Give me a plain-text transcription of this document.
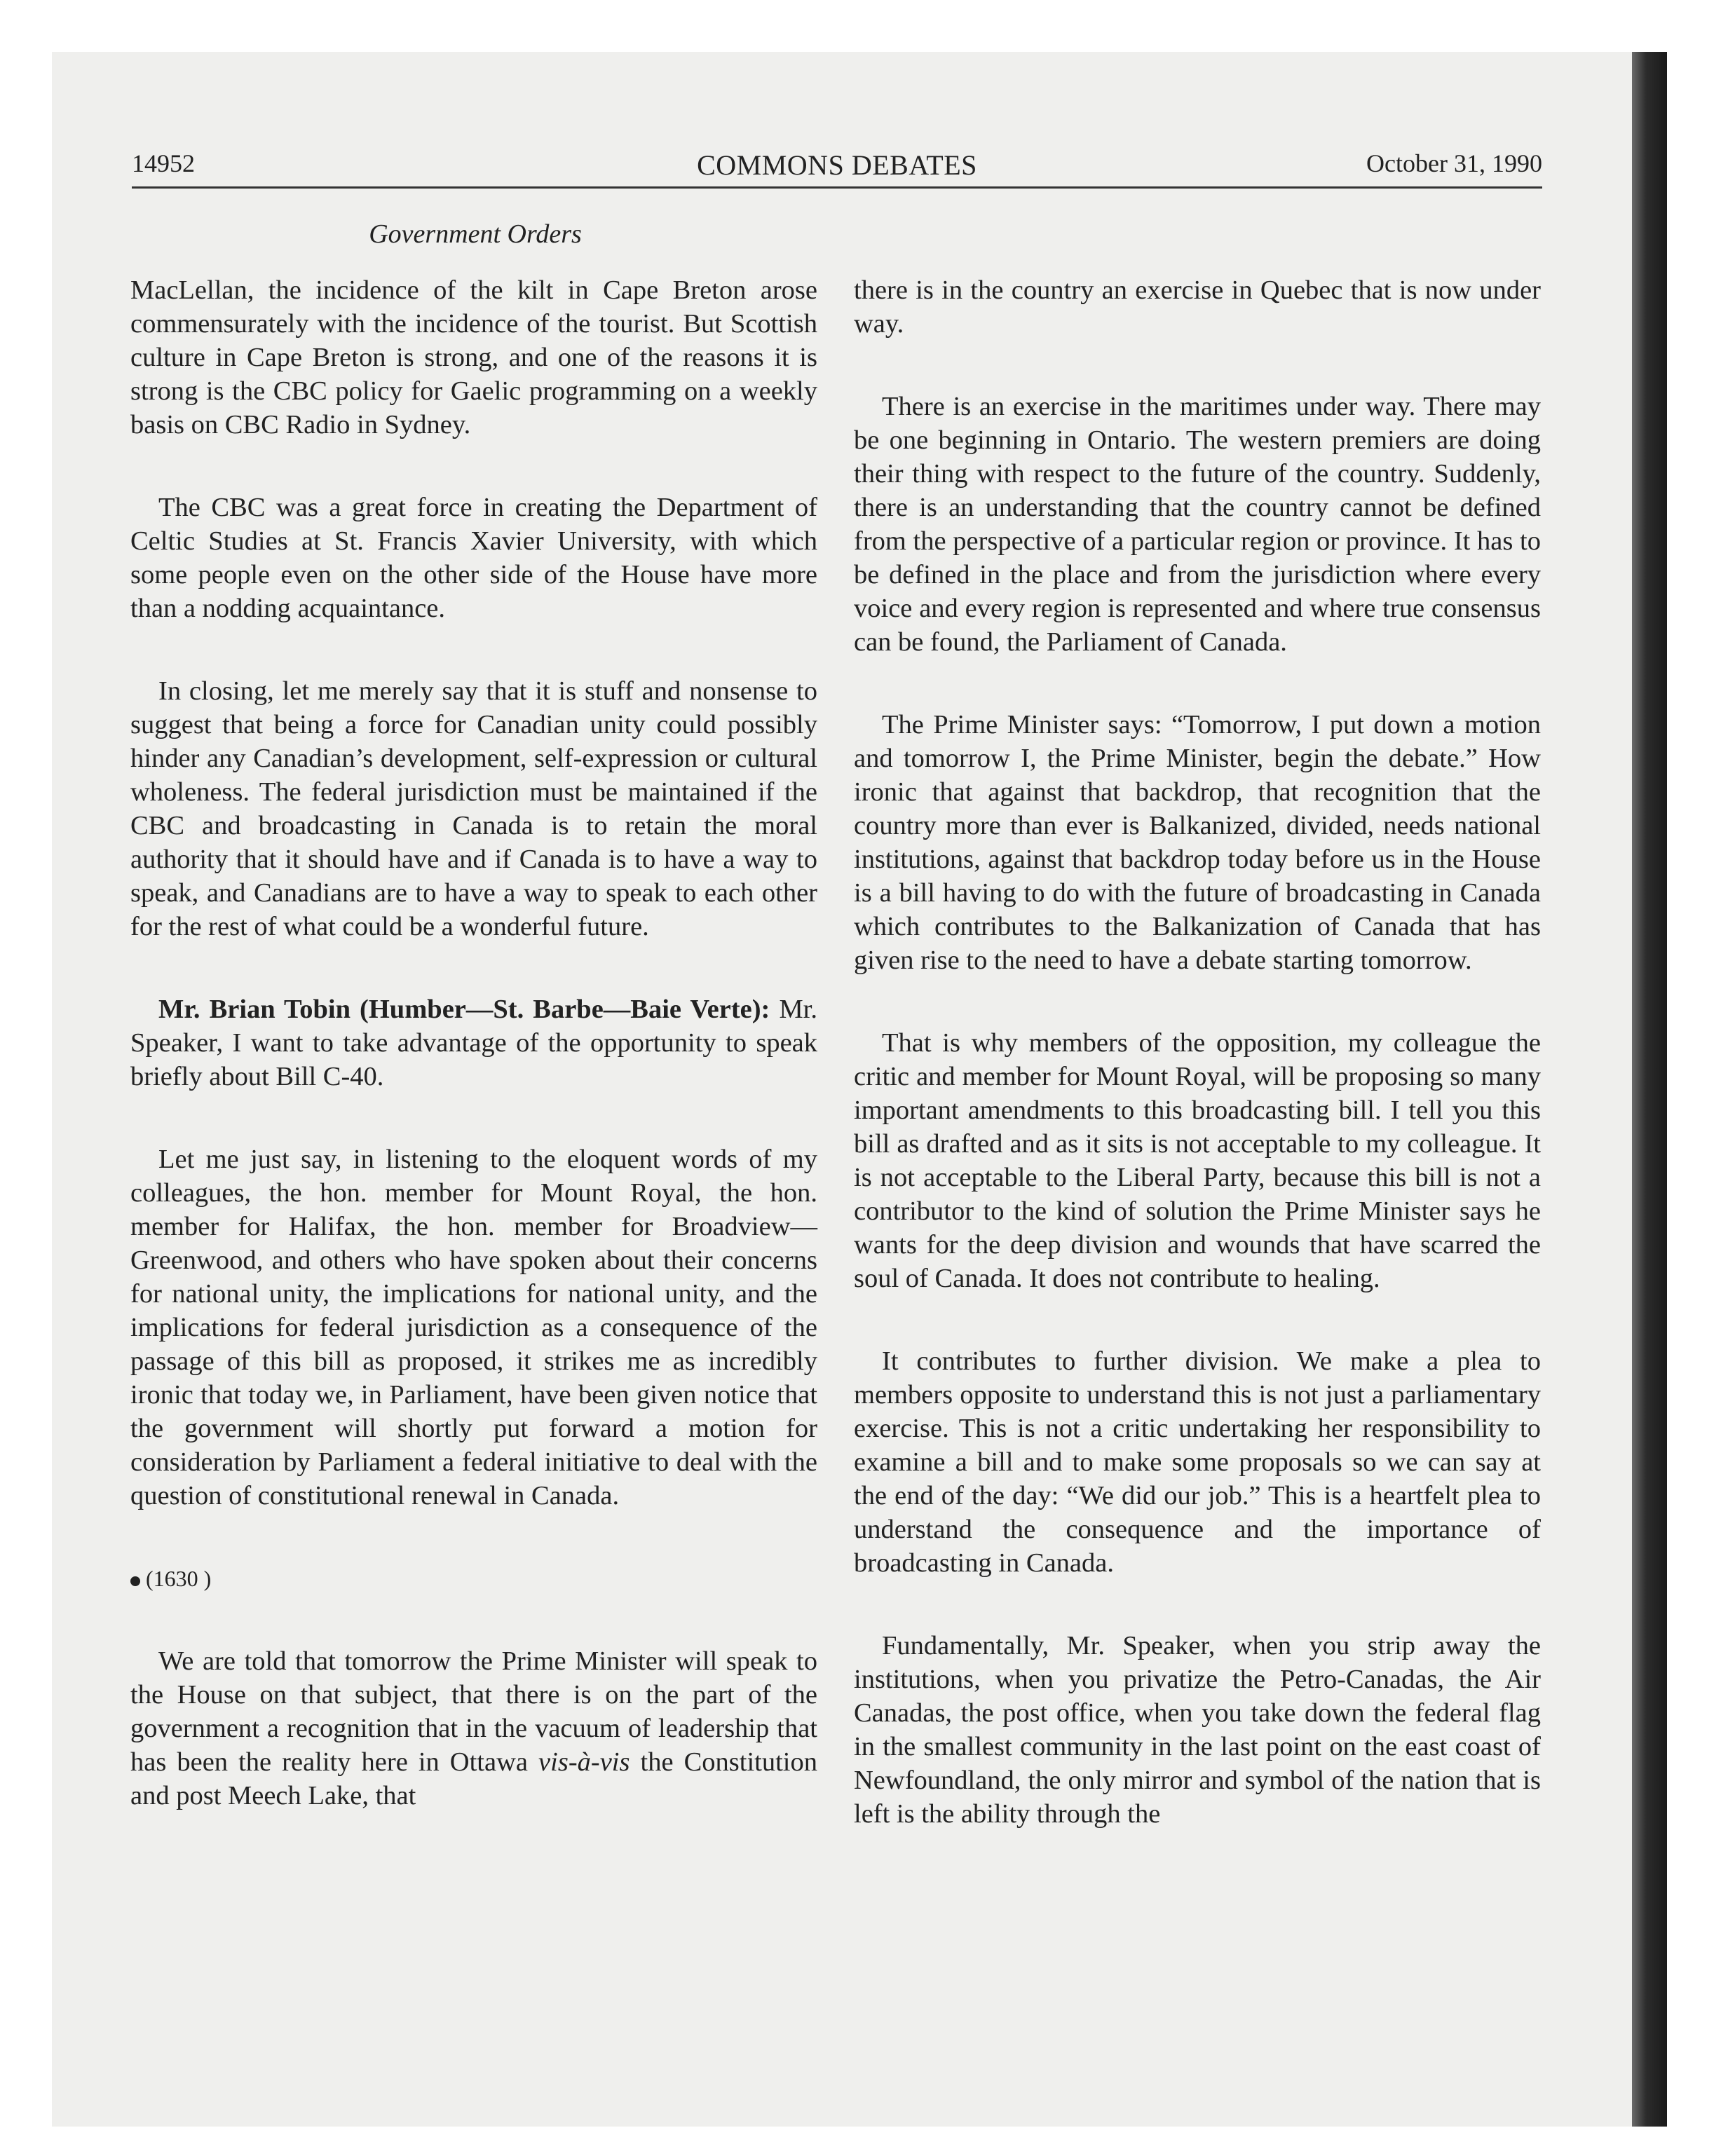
14952	COMMONS DEBATES	October 31, 1990
Government Orders

MacLellan, the incidence of the kilt in Cape Breton arose commensurately with the incidence of the tourist. But Scottish culture in Cape Breton is strong, and one of the reasons it is strong is the CBC policy for Gaelic programming on a weekly basis on CBC Radio in Sydney.

The CBC was a great force in creating the Department of Celtic Studies at St. Francis Xavier University, with which some people even on the other side of the House have more than a nodding acquaintance.

In closing, let me merely say that it is stuff and nonsense to suggest that being a force for Canadian unity could possibly hinder any Canadian’s development, self-expression or cultural wholeness. The federal jurisdiction must be maintained if the CBC and broadcasting in Canada is to retain the moral authority that it should have and if Canada is to have a way to speak, and Canadians are to have a way to speak to each other for the rest of what could be a wonderful future.

Mr. Brian Tobin (Humber—St. Barbe—Baie Verte): Mr. Speaker, I want to take advantage of the opportunity to speak briefly about Bill C-40.

Let me just say, in listening to the eloquent words of my colleagues, the hon. member for Mount Royal, the hon. member for Halifax, the hon. member for Broadview—Greenwood, and others who have spoken about their concerns for national unity, the implications for national unity, and the implications for federal jurisdiction as a consequence of the passage of this bill as proposed, it strikes me as incredibly ironic that today we, in Parliament, have been given notice that the government will shortly put forward a motion for consideration by Parliament a federal initiative to deal with the question of constitutional renewal in Canada.

(1630 )

We are told that tomorrow the Prime Minister will speak to the House on that subject, that there is on the part of the government a recognition that in the vacuum of leadership that has been the reality here in Ottawa vis-à-vis the Constitution and post Meech Lake, that

there is in the country an exercise in Quebec that is now under way.

There is an exercise in the maritimes under way. There may be one beginning in Ontario. The western premiers are doing their thing with respect to the future of the country. Suddenly, there is an understanding that the country cannot be defined from the perspective of a particular region or province. It has to be defined in the place and from the jurisdiction where every voice and every region is represented and where true consensus can be found, the Parliament of Canada.

The Prime Minister says: “Tomorrow, I put down a motion and tomorrow I, the Prime Minister, begin the debate.” How ironic that against that backdrop, that recognition that the country more than ever is Balkanized, divided, needs national institutions, against that backdrop today before us in the House is a bill having to do with the future of broadcasting in Canada which contributes to the Balkanization of Canada that has given rise to the need to have a debate starting tomorrow.

That is why members of the opposition, my colleague the critic and member for Mount Royal, will be proposing so many important amendments to this broadcasting bill. I tell you this bill as drafted and as it sits is not acceptable to my colleague. It is not acceptable to the Liberal Party, because this bill is not a contributor to the kind of solution the Prime Minister says he wants for the deep division and wounds that have scarred the soul of Canada. It does not contribute to healing.

It contributes to further division. We make a plea to members opposite to understand this is not just a parliamentary exercise. This is not a critic undertaking her responsibility to examine a bill and to make some proposals so we can say at the end of the day: “We did our job.” This is a heartfelt plea to understand the consequence and the importance of broadcasting in Canada.

Fundamentally, Mr. Speaker, when you strip away the institutions, when you privatize the Petro-Canadas, the Air Canadas, the post office, when you take down the federal flag in the smallest community in the last point on the east coast of Newfoundland, the only mirror and symbol of the nation that is left is the ability through the
